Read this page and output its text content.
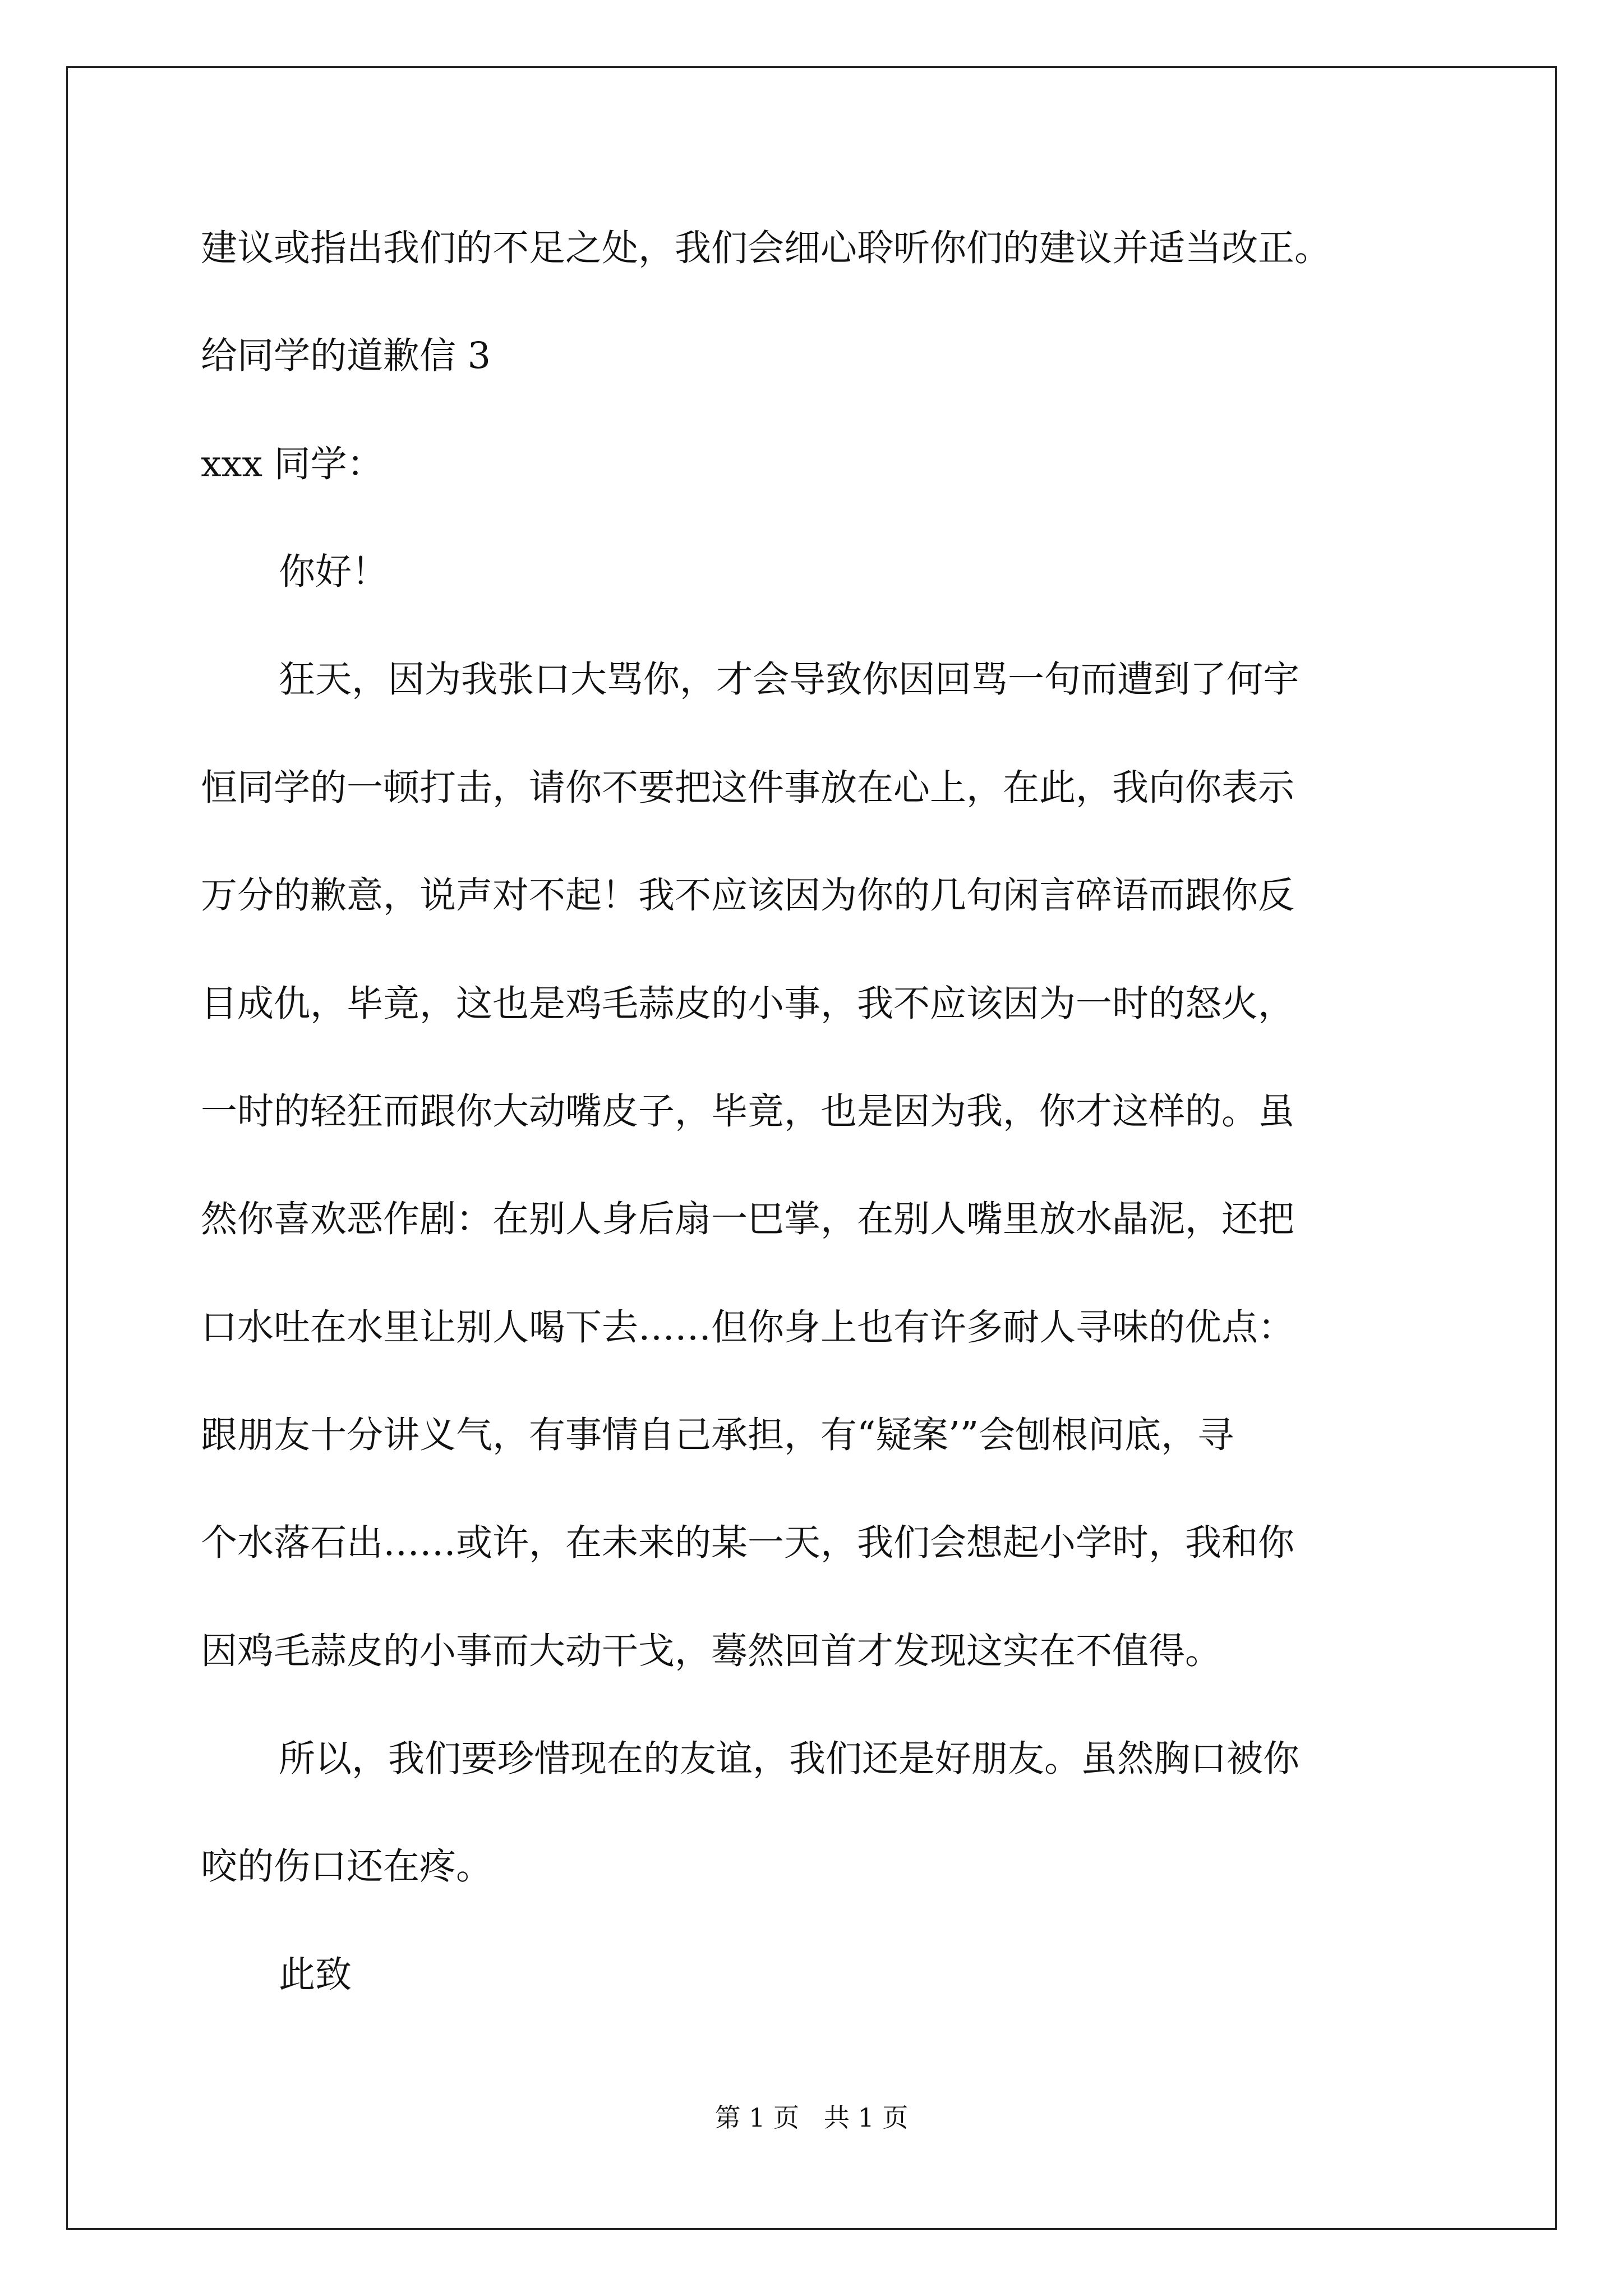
建议或指出我们的不足之处，我们会细心聆听你们的建议并适当改正。

给同学的道歉信 3

xxx 同学：

你好！

狂天，因为我张口大骂你，才会导致你因回骂一句而遭到了何宇

恒同学的一顿打击，请你不要把这件事放在心上，在此，我向你表示

万分的歉意，说声对不起！我不应该因为你的几句闲言碎语而跟你反

目成仇，毕竟，这也是鸡毛蒜皮的小事，我不应该因为一时的怒火，

一时的轻狂而跟你大动嘴皮子，毕竟，也是因为我，你才这样的。虽

然你喜欢恶作剧：在别人身后扇一巴掌，在别人嘴里放水晶泥，还把

口水吐在水里让别人喝下去……但你身上也有许多耐人寻味的优点：

跟朋友十分讲义气，有事情自己承担，有“疑案’”会刨根问底，寻

个水落石出……或许，在未来的某一天，我们会想起小学时，我和你

因鸡毛蒜皮的小事而大动干戈，蓦然回首才发现这实在不值得。

所以，我们要珍惜现在的友谊，我们还是好朋友。虽然胸口被你

咬的伤口还在疼。

此致

第 1 页   共 1 页
